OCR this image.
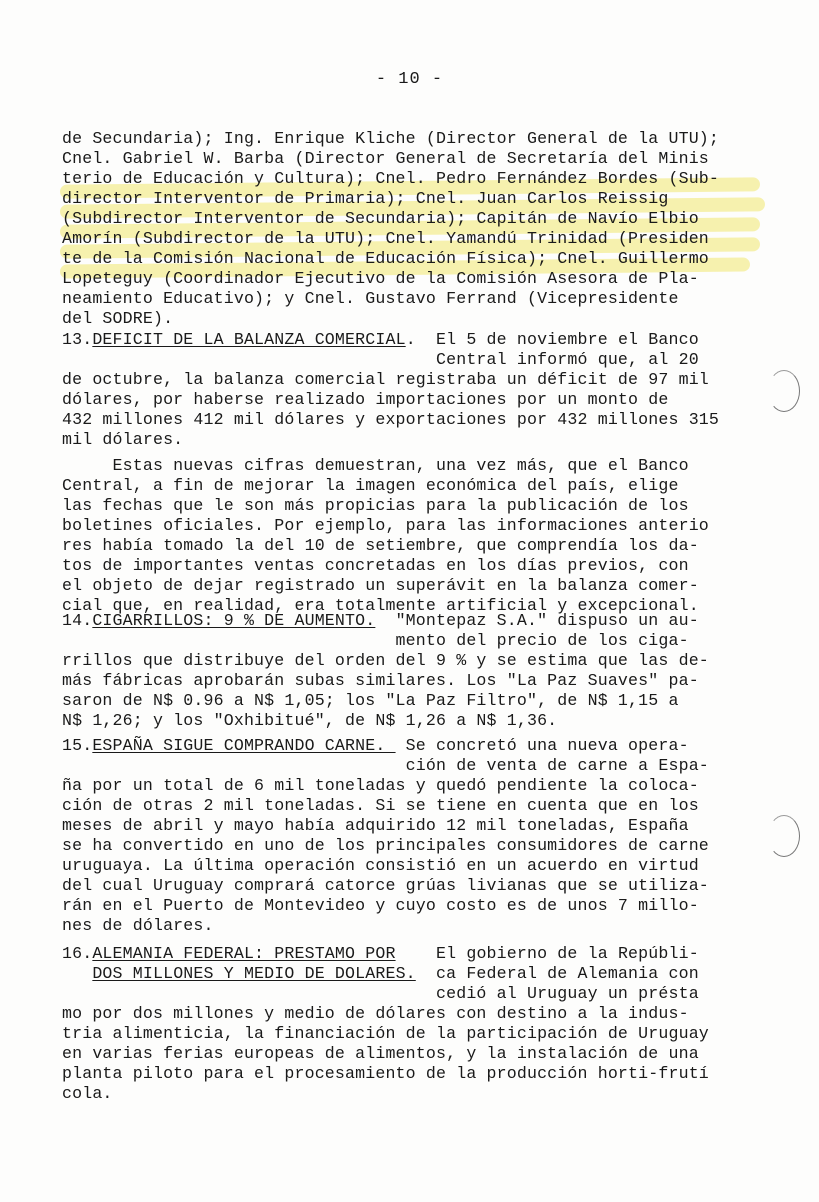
- 10 -
de Secundaria); Ing. Enrique Kliche (Director General de la UTU);
Cnel. Gabriel W. Barba (Director General de Secretaría del Minis
terio de Educación y Cultura); Cnel. Pedro Fernández Bordes (Sub-
director Interventor de Primaria); Cnel. Juan Carlos Reissig
(Subdirector Interventor de Secundaria); Capitán de Navío Elbio
Amorín (Subdirector de la UTU); Cnel. Yamandú Trinidad (Presiden
te de la Comisión Nacional de Educación Física); Cnel. Guillermo
Lopeteguy (Coordinador Ejecutivo de la Comisión Asesora de Pla-
neamiento Educativo); y Cnel. Gustavo Ferrand (Vicepresidente
del SODRE).
13.DEFICIT DE LA BALANZA COMERCIAL.  El 5 de noviembre el Banco
Central informó que, al 20
de octubre, la balanza comercial registraba un déficit de 97 mil
dólares, por haberse realizado importaciones por un monto de
432 millones 412 mil dólares y exportaciones por 432 millones 315
mil dólares.
Estas nuevas cifras demuestran, una vez más, que el Banco
Central, a fin de mejorar la imagen económica del país, elige
las fechas que le son más propicias para la publicación de los
boletines oficiales. Por ejemplo, para las informaciones anterio
res había tomado la del 10 de setiembre, que comprendía los da-
tos de importantes ventas concretadas en los días previos, con
el objeto de dejar registrado un superávit en la balanza comer-
cial que, en realidad, era totalmente artificial y excepcional.
14.CIGARRILLOS: 9 % DE AUMENTO.  "Montepaz S.A." dispuso un au-
mento del precio de los ciga-
rrillos que distribuye del orden del 9 % y se estima que las de-
más fábricas aprobarán subas similares. Los "La Paz Suaves" pa-
saron de N$ 0.96 a N$ 1,05; los "La Paz Filtro", de N$ 1,15 a
N$ 1,26; y los "Oxhibitué", de N$ 1,26 a N$ 1,36.
15.ESPAÑA SIGUE COMPRANDO CARNE.  Se concretó una nueva opera-
ción de venta de carne a Espa-
ña por un total de 6 mil toneladas y quedó pendiente la coloca-
ción de otras 2 mil toneladas. Si se tiene en cuenta que en los
meses de abril y mayo había adquirido 12 mil toneladas, España
se ha convertido en uno de los principales consumidores de carne
uruguaya. La última operación consistió en un acuerdo en virtud
del cual Uruguay comprará catorce grúas livianas que se utiliza-
rán en el Puerto de Montevideo y cuyo costo es de unos 7 millo-
nes de dólares.
16.ALEMANIA FEDERAL: PRESTAMO POR    El gobierno de la Repúbli-
DOS MILLONES Y MEDIO DE DOLARES.  ca Federal de Alemania con
cedió al Uruguay un présta
mo por dos millones y medio de dólares con destino a la indus-
tria alimenticia, la financiación de la participación de Uruguay
en varias ferias europeas de alimentos, y la instalación de una
planta piloto para el procesamiento de la producción horti-frutí
cola.
